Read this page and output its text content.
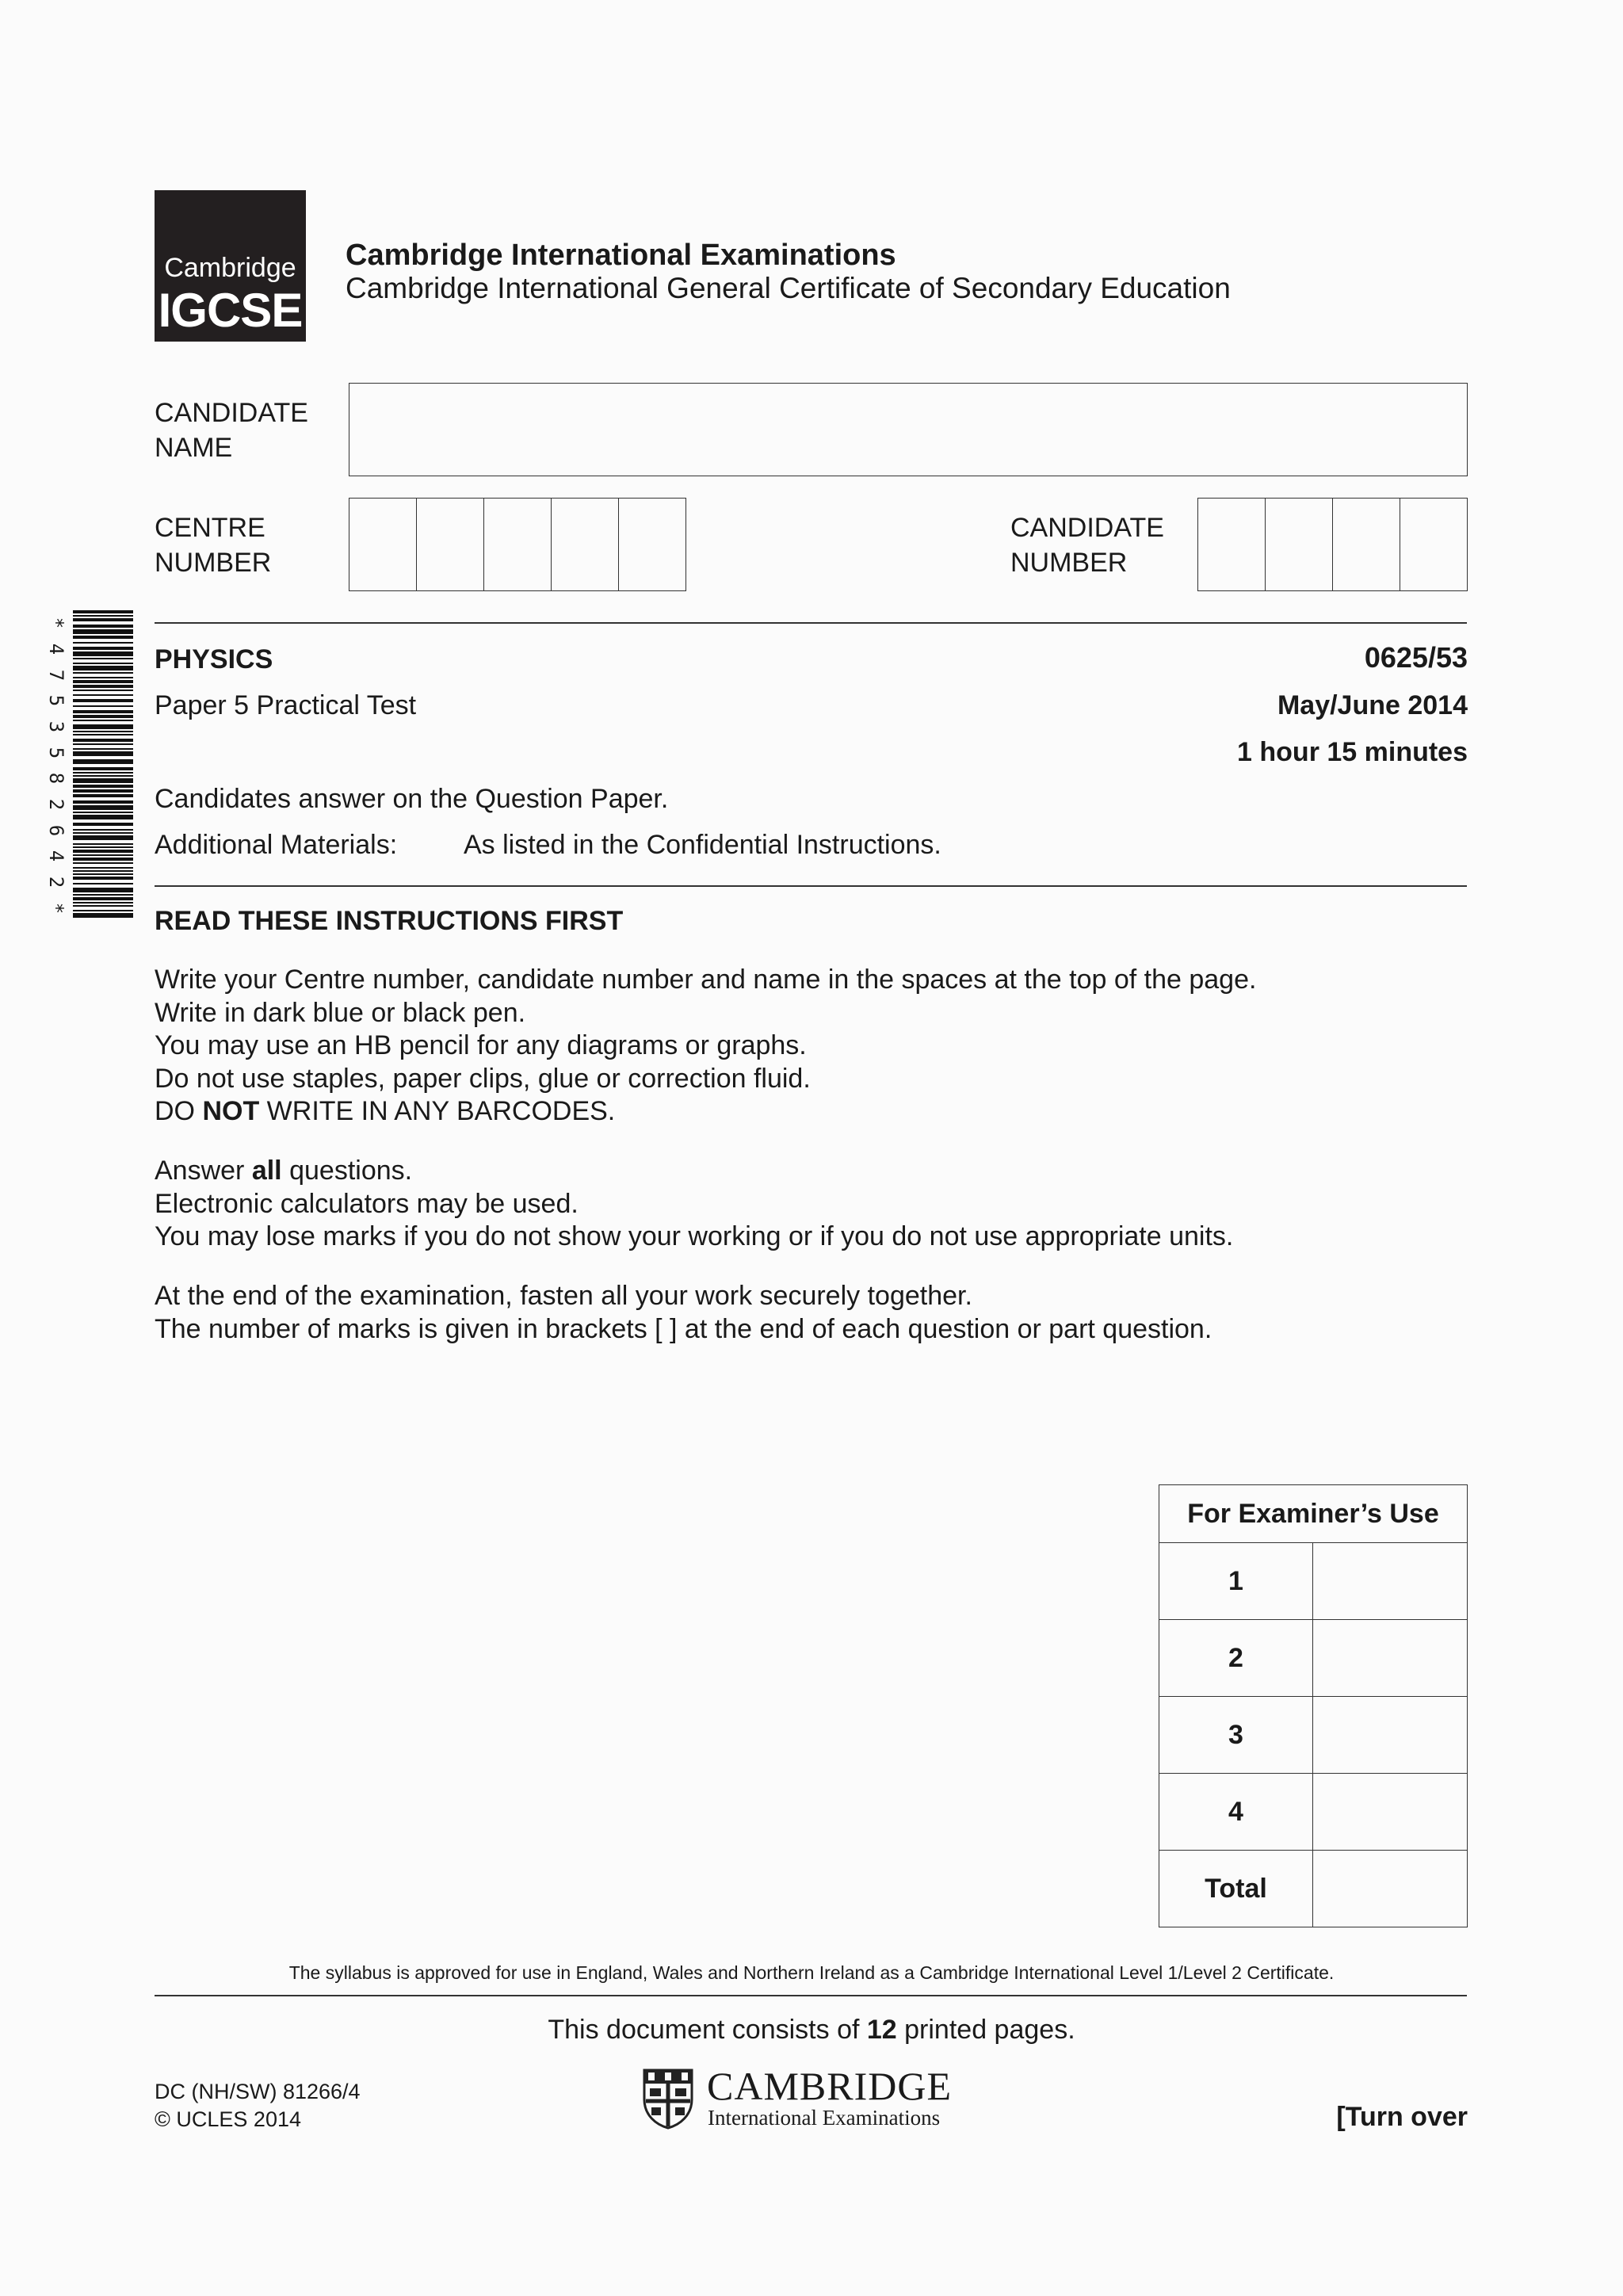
Cambridge
IGCSE
Cambridge International Examinations
Cambridge International General Certificate of Secondary Education
CANDIDATE
NAME
CENTRE
NUMBER
CANDIDATE
NUMBER
*
4
7
5
3
5
8
2
6
4
2
*
PHYSICS	0625/53
Paper 5 Practical Test	May/June 2014
1 hour 15 minutes
Candidates answer on the Question Paper.
Additional Materials: As listed in the Confidential Instructions.
READ THESE INSTRUCTIONS FIRST
Write your Centre number, candidate number and name in the spaces at the top of the page.
Write in dark blue or black pen.
You may use an HB pencil for any diagrams or graphs.
Do not use staples, paper clips, glue or correction fluid.
DO NOT WRITE IN ANY BARCODES.
Answer all questions.
Electronic calculators may be used.
You may lose marks if you do not show your working or if you do not use appropriate units.
At the end of the examination, fasten all your work securely together.
The number of marks is given in brackets [ ] at the end of each question or part question.
For Examiner’s Use	
1	
2	
3	
4	
Total	
The syllabus is approved for use in England, Wales and Northern Ireland as a Cambridge International Level 1/Level 2 Certificate.
This document consists of 12 printed pages.
DC (NH/SW) 81266/4
© UCLES 2014
CAMBRIDGE
International Examinations	[Turn over
